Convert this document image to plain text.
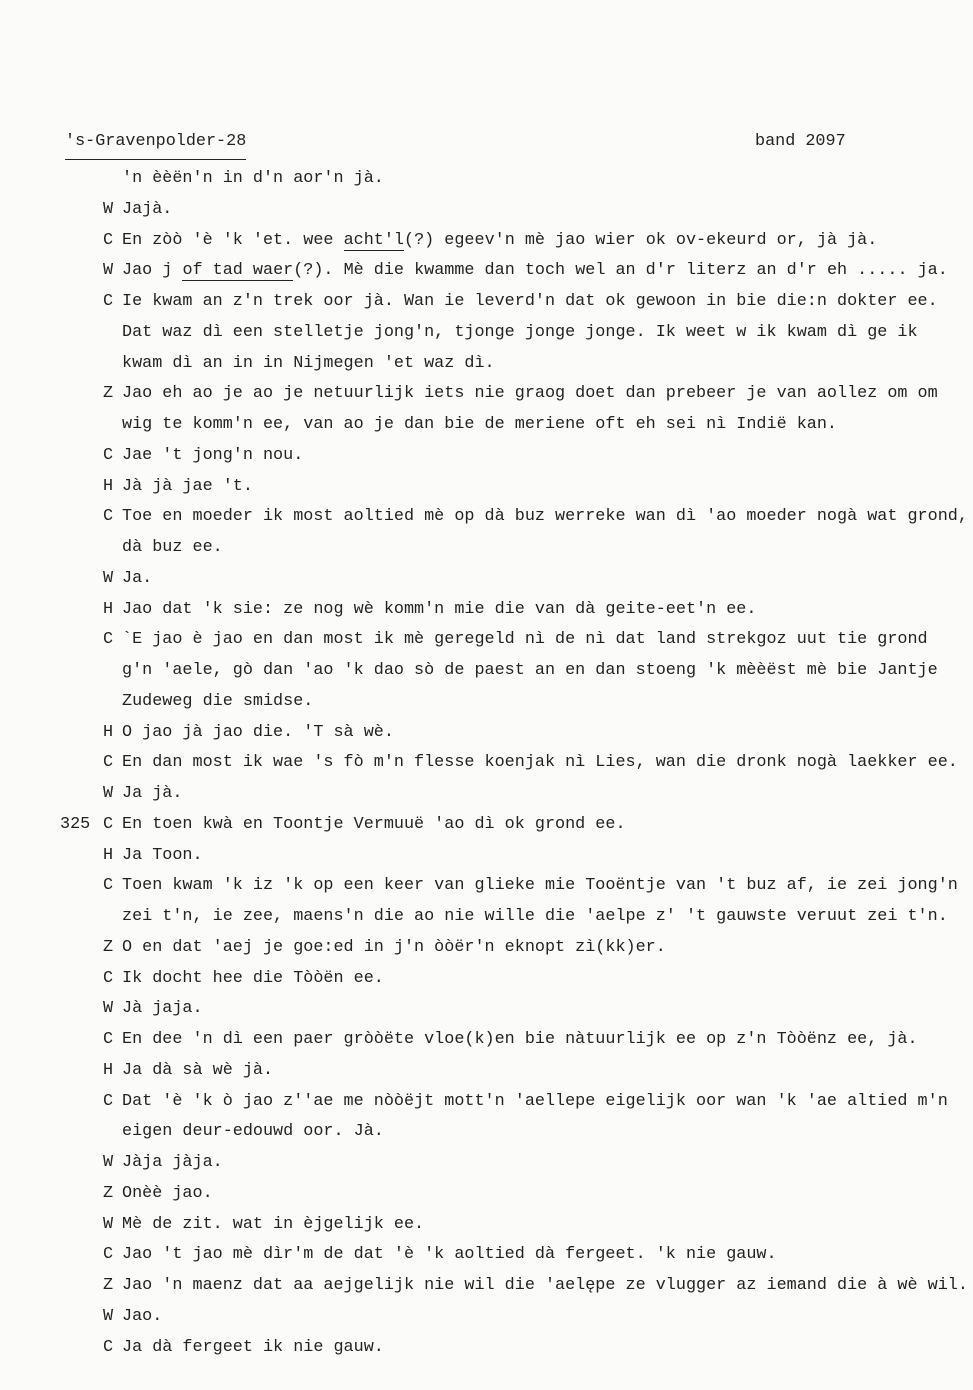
's-Gravenpolder-28	band 2097
'n èèën'n in d'n aor'n jà.
W Jajà.
C En zòò 'è 'k 'et. wee acht'l(?) egeev'n mè jao wier ok ov-ekeurd or, jà jà.
W Jao j of tad waer(?). Mè die kwamme dan toch wel an d'r literz an d'r eh ..... ja.
C Ie kwam an z'n trek oor jà. Wan ie leverd'n dat ok gewoon in bie die:n dokter ee.
Dat waz dì een stelletje jong'n, tjonge jonge jonge. Ik weet w ik kwam dì ge ik
kwam dì an in in Nijmegen 'et waz dì.
Z Jao eh ao je ao je netuurlijk iets nie graog doet dan prebeer je van aollez om om
wig te komm'n ee, van ao je dan bie de meriene oft eh sei nì Indië kan.
C Jae 't jong'n nou.
H Jà jà jae 't.
C Toe en moeder ik most aoltied mè op dà buz werreke wan dì 'ao moeder nogà wat grond,
dà buz ee.
W Ja.
H Jao dat 'k sie: ze nog wè komm'n mie die van dà geite-eet'n ee.
C `E jao è jao en dan most ik mè geregeld nì de nì dat land strekgoz uut tie grond
g'n 'aele, gò dan 'ao 'k dao sò de paest an en dan stoeng 'k mèèëst mè bie Jantje
Zudeweg die smidse.
H O jao jà jao die. 'T sà wè.
C En dan most ik wae 's fò m'n flesse koenjak nì Lies, wan die dronk nogà laekker ee.
W Ja jà.
325 C En toen kwà en Toontje Vermuuë 'ao dì ok grond ee.
H Ja Toon.
C Toen kwam 'k iz 'k op een keer van glieke mie Tooëntje van 't buz af, ie zei jong'n
zei t'n, ie zee, maens'n die ao nie wille die 'aelpe z' 't gauwste veruut zei t'n.
Z O en dat 'aej je goe:ed in j'n òòër'n eknopt zì(kk)er.
C Ik docht hee die Tòòën ee.
W Jà jaja.
C En dee 'n dì een paer gròòëte vloe(k)en bie nàtuurlijk ee op z'n Tòòënz ee, jà.
H Ja dà sà wè jà.
C Dat 'è 'k ò jao z''ae me nòòëjt mott'n 'aellepe eigelijk oor wan 'k 'ae altied m'n
eigen deur-edouwd oor. Jà.
W Jàja jàja.
Z Onèè jao.
W Mè de zit. wat in èjgelijk ee.
C Jao 't jao mè dìr'm de dat 'è 'k aoltied dà fergeet. 'k nie gauw.
Z Jao 'n maenz dat aa aejgelijk nie wil die 'aelępe ze vlugger az iemand die à wè wil.
W Jao.
C Ja dà fergeet ik nie gauw.
